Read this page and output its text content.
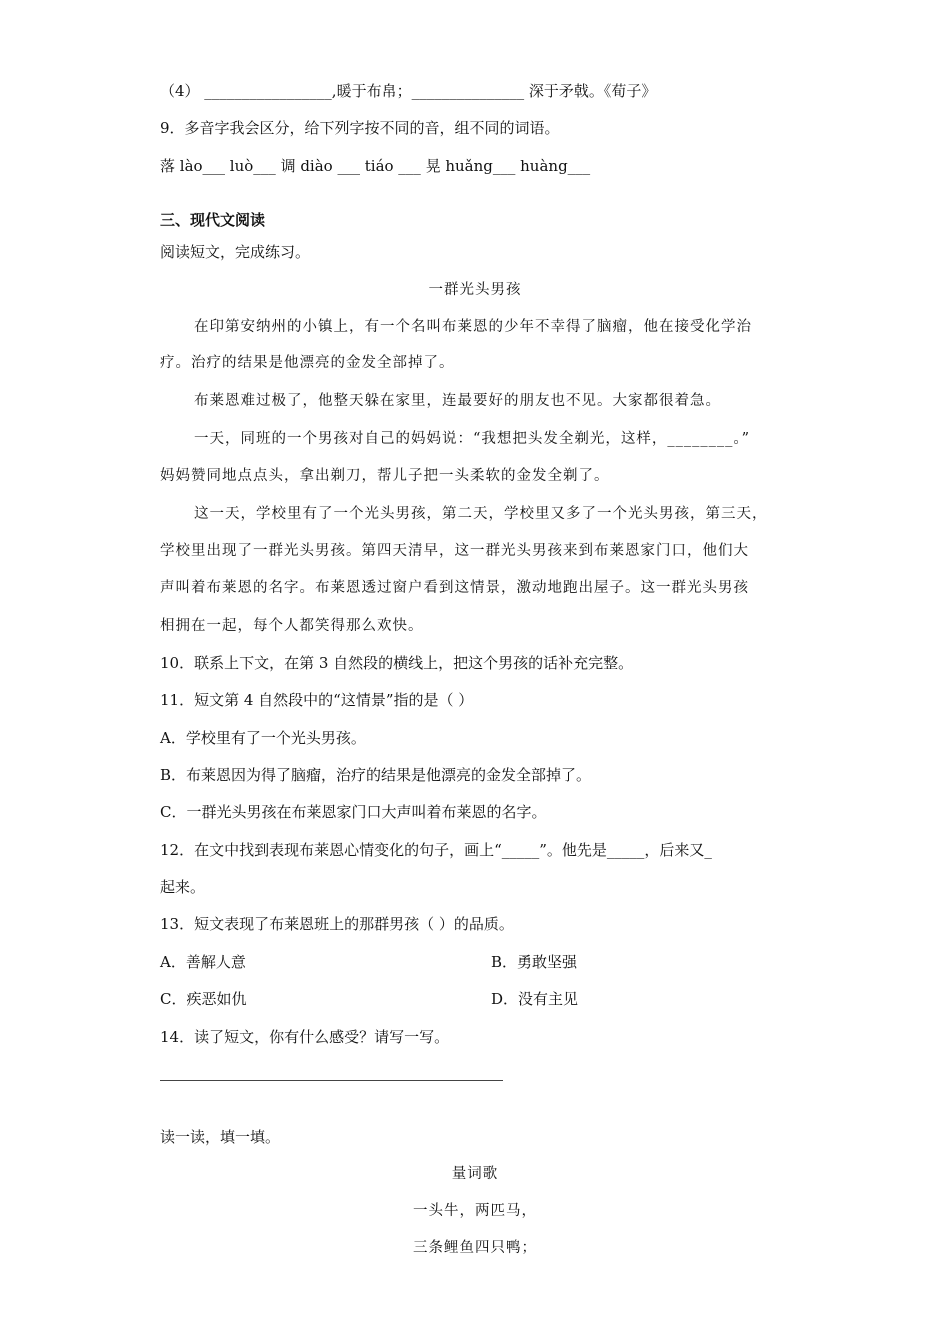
（4） _________________,暖于布帛；_______________ 深于矛戟。《荀子》
9．多音字我会区分，给下列字按不同的音，组不同的词语。
落 lào___ luò___ 调 diào ___ tiáo ___ 晃 huǎng___ huàng___
三、现代文阅读
阅读短文，完成练习。
一群光头男孩
在印第安纳州的小镇上，有一个名叫布莱恩的少年不幸得了脑瘤，他在接受化学治
疗。治疗的结果是他漂亮的金发全部掉了。
布莱恩难过极了，他整天躲在家里，连最要好的朋友也不见。大家都很着急。
一天，同班的一个男孩对自己的妈妈说：“我想把头发全剃光，这样，________。”
妈妈赞同地点点头，拿出剃刀，帮儿子把一头柔软的金发全剃了。
这一天，学校里有了一个光头男孩，第二天，学校里又多了一个光头男孩，第三天，
学校里出现了一群光头男孩。第四天清早，这一群光头男孩来到布莱恩家门口，他们大
声叫着布莱恩的名字。布莱恩透过窗户看到这情景，激动地跑出屋子。这一群光头男孩
相拥在一起，每个人都笑得那么欢快。
10．联系上下文，在第 3 自然段的横线上，把这个男孩的话补充完整。
11．短文第 4 自然段中的“这情景”指的是（ ）
A．学校里有了一个光头男孩。
B．布莱恩因为得了脑瘤，治疗的结果是他漂亮的金发全部掉了。
C．一群光头男孩在布莱恩家门口大声叫着布莱恩的名字。
12．在文中找到表现布莱恩心情变化的句子，画上“_____”。他先是_____，后来又_
起来。
13．短文表现了布莱恩班上的那群男孩（ ）的品质。
A．善解人意	B．勇敢坚强
C．疾恶如仇	D．没有主见
14．读了短文，你有什么感受？请写一写。
读一读，填一填。
量词歌
一头牛，两匹马，
三条鲤鱼四只鸭；
